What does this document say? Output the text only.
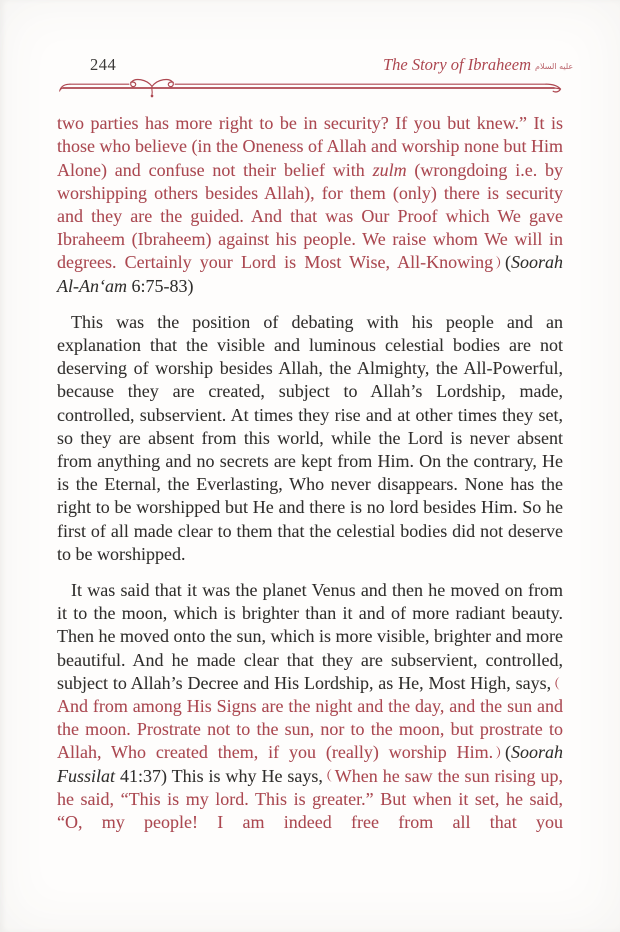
244	The Story of Ibraheem عليه السلام

two parties has more right to be in security? If you but knew.” It is those who believe (in the Oneness of Allah and worship none but Him Alone) and confuse not their belief with zulm (wrongdoing i.e. by worshipping others besides Allah), for them (only) there is security and they are the guided. And that was Our Proof which We gave Ibraheem (Ibraheem) against his people. We raise whom We will in degrees. Certainly your Lord is Most Wise, All-Knowing (Soorah Al-An‘am 6:75-83)

This was the position of debating with his people and an explanation that the visible and luminous celestial bodies are not deserving of worship besides Allah, the Almighty, the All-Powerful, because they are created, subject to Allah’s Lordship, made, controlled, subservient. At times they rise and at other times they set, so they are absent from this world, while the Lord is never absent from anything and no secrets are kept from Him. On the contrary, He is the Eternal, the Everlasting, Who never disappears. None has the right to be worshipped but He and there is no lord besides Him. So he first of all made clear to them that the celestial bodies did not deserve to be worshipped.

It was said that it was the planet Venus and then he moved on from it to the moon, which is brighter than it and of more radiant beauty. Then he moved onto the sun, which is more visible, brighter and more beautiful. And he made clear that they are subservient, controlled, subject to Allah’s Decree and His Lordship, as He, Most High, says,And from among His Signs are the night and the day, and the sun and the moon. Prostrate not to the sun, nor to the moon, but prostrate to Allah, Who created them, if you (really) worship Him. (Soorah Fussilat 41:37) This is why He says, When he saw the sun rising up, he said, “This is my lord. This is greater.” But when it set, he said, “O, my people! I am indeed free from all that you
